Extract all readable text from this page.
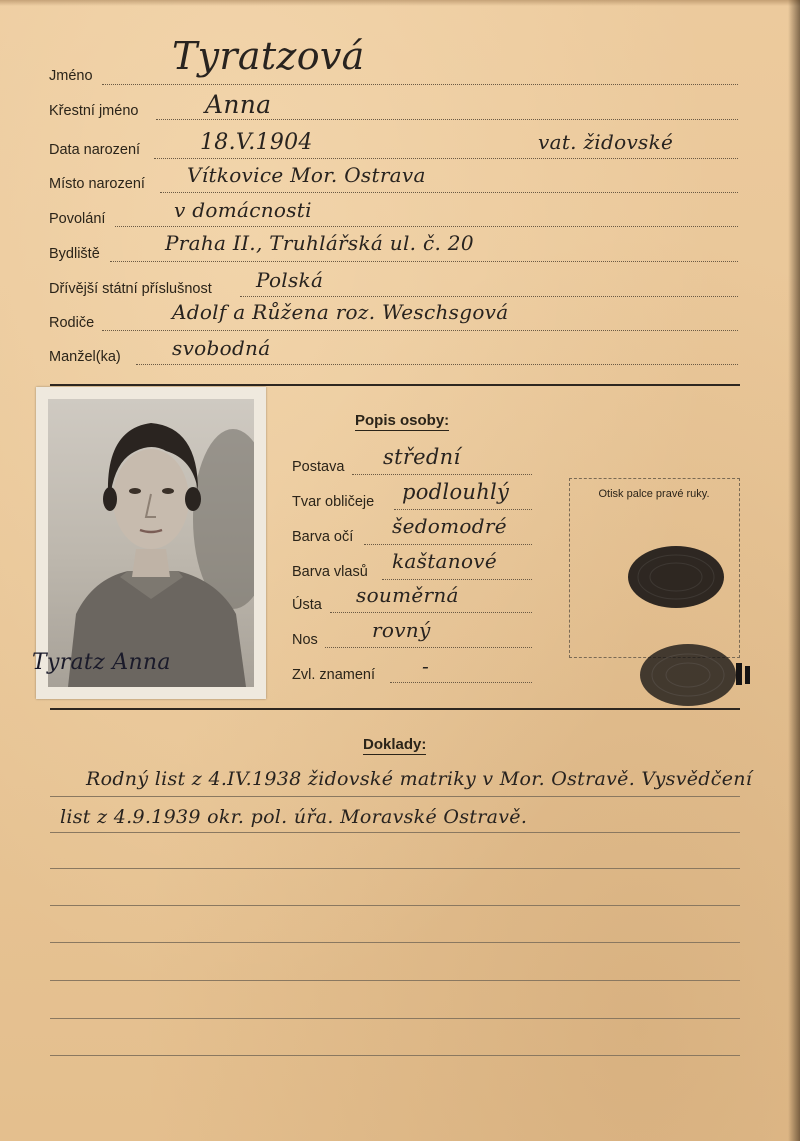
Jméno Tyratzová
Křestní jméno	Anna
Data narození	18.V.1904	vat. židovské
Místo narození Vítkovice Mor. Ostrava
Povolání	v domácnosti
Bydliště	Praha II., Truhlářská ul. č. 20
Dřívější státní příslušnost Polská
Rodiče	Adolf a Růžena roz. Weschsgová
Manžel(ka)	svobodná
Tyratz Anna
Popis osoby:
Postava střední
Tvar obličeje podlouhlý
Barva očí šedomodré
Barva vlasů kaštanové
Ústa souměrná
Nos	rovný
Zvl. znamení -
Otisk palce pravé ruky.
Doklady:
Rodný list z 4.IV.1938 židovské matriky v Mor. Ostravě. Vysvědčení
list z 4.9.1939 okr. pol. úřa. Moravské Ostravě.
